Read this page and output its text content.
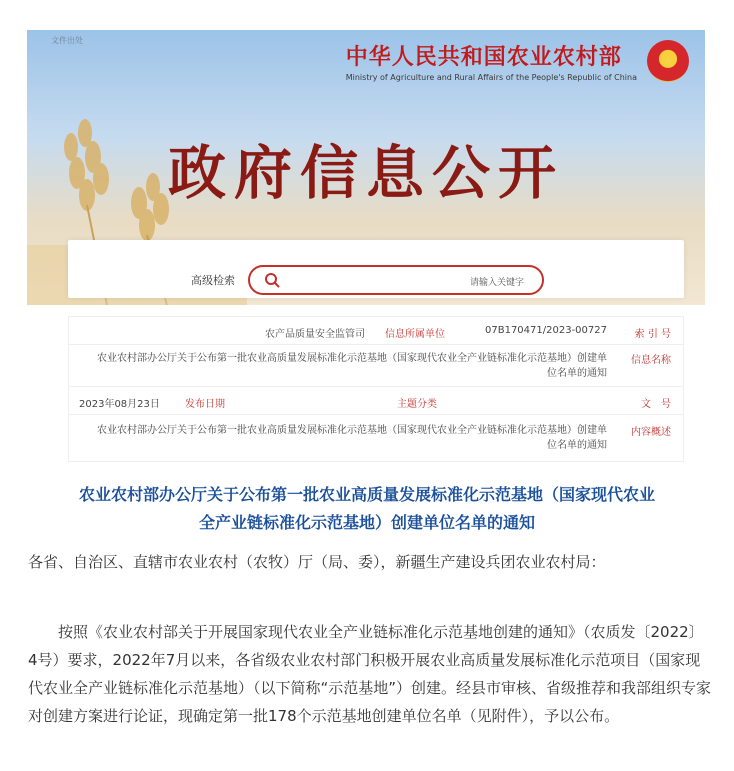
文件出处
中华人民共和国农业农村部
Ministry of Agriculture and Rural Affairs of the People's Republic of China
★
政府信息公开
高级检索	请输入关键字
索 引 号
07B170471/2023-00727
信息所属单位
农产品质量安全监管司
信息名称
农业农村部办公厅关于公布第一批农业高质量发展标准化示范基地（国家现代农业全产业链标准化示范基地）创建单位名单的通知
文　号
主题分类
发布日期
2023年08月23日
内容概述
农业农村部办公厅关于公布第一批农业高质量发展标准化示范基地（国家现代农业全产业链标准化示范基地）创建单位名单的通知
农业农村部办公厅关于公布第一批农业高质量发展标准化示范基地（国家现代农业
全产业链标准化示范基地）创建单位名单的通知
各省、自治区、直辖市农业农村（农牧）厅（局、委），新疆生产建设兵团农业农村局：
按照《农业农村部关于开展国家现代农业全产业链标准化示范基地创建的通知》（农质发〔2022〕4号）要求，2022年7月以来，各省级农业农村部门积极开展农业高质量发展标准化示范项目（国家现代农业全产业链标准化示范基地）（以下简称“示范基地”）创建。经县市审核、省级推荐和我部组织专家对创建方案进行论证，现确定第一批178个示范基地创建单位名单（见附件），予以公布。
